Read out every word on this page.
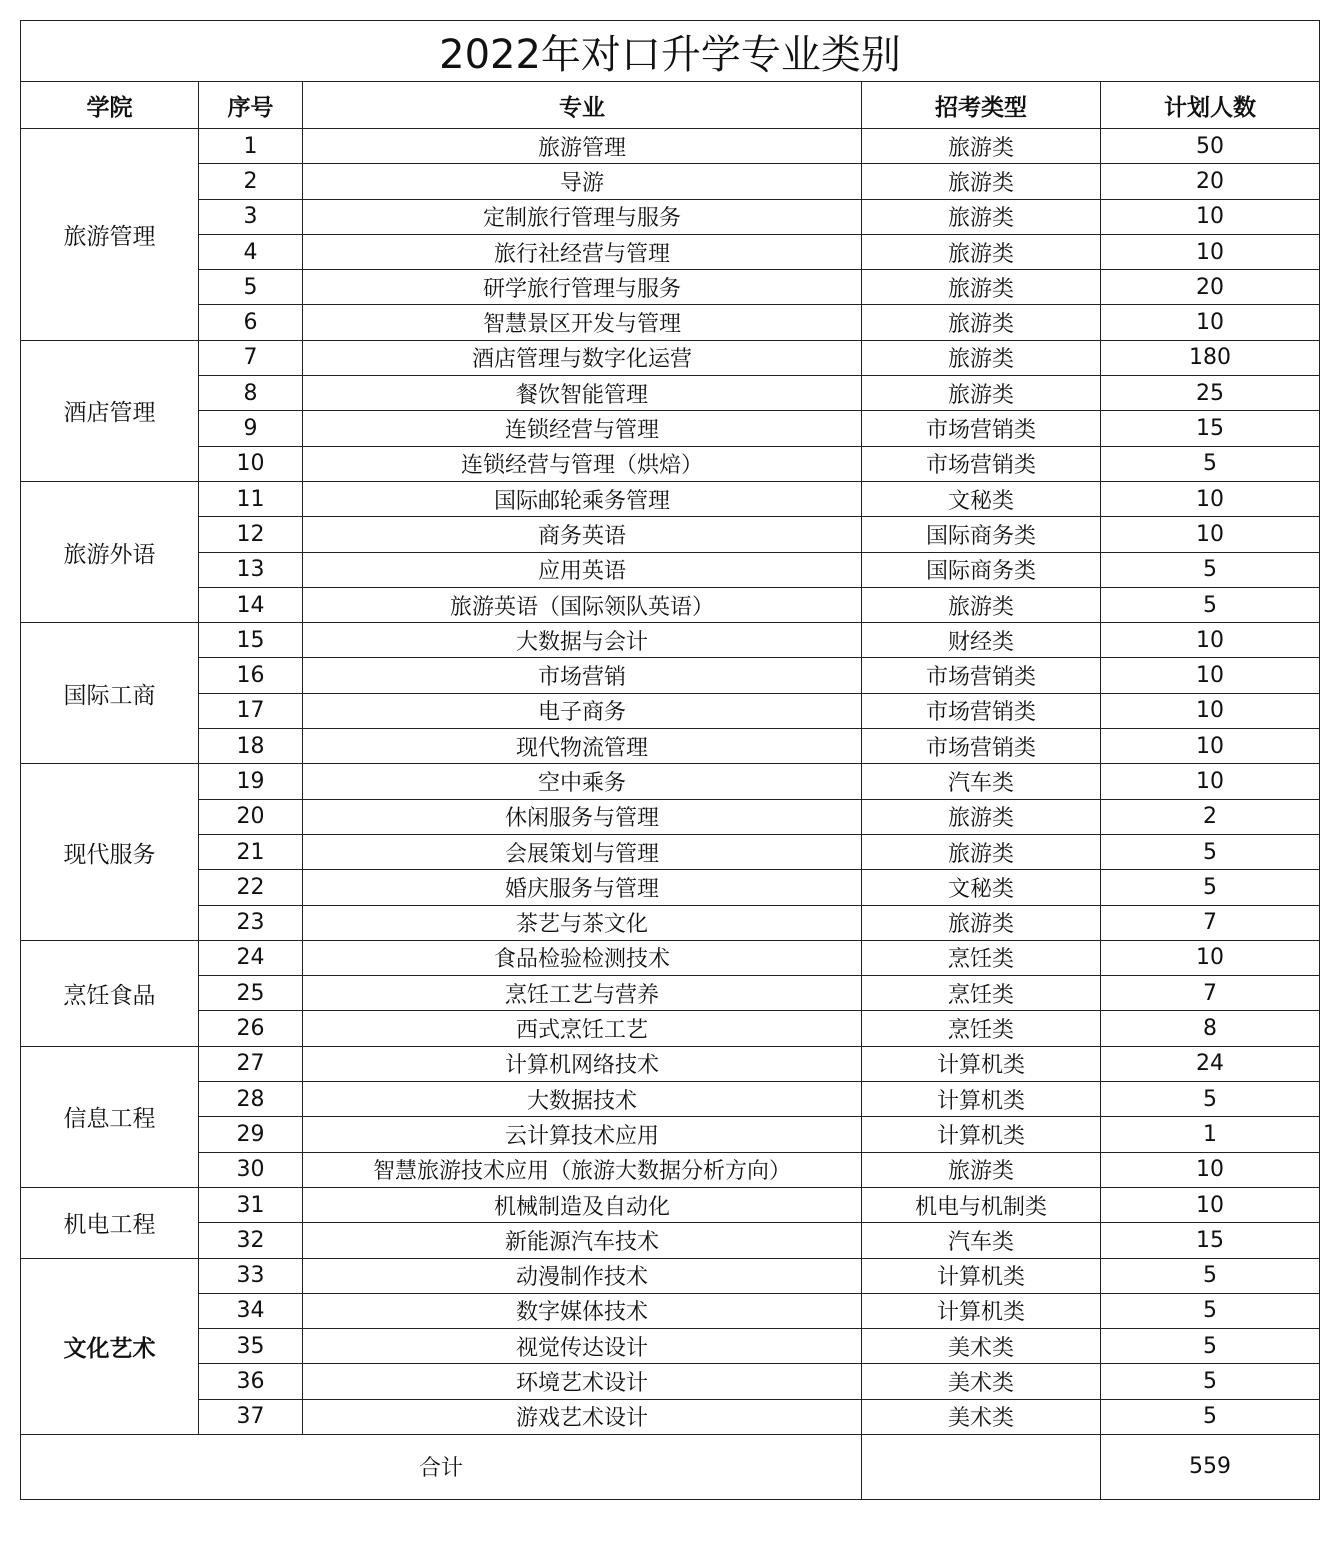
2022年对口升学专业类别				
学院	序号	专业	招考类型	计划人数
旅游管理	1	旅游管理	旅游类	50
	2	导游	旅游类	20
	3	定制旅行管理与服务	旅游类	10
	4	旅行社经营与管理	旅游类	10
	5	研学旅行管理与服务	旅游类	20
	6	智慧景区开发与管理	旅游类	10
酒店管理	7	酒店管理与数字化运营	旅游类	180
	8	餐饮智能管理	旅游类	25
	9	连锁经营与管理	市场营销类	15
	10	连锁经营与管理（烘焙）	市场营销类	5
旅游外语	11	国际邮轮乘务管理	文秘类	10
	12	商务英语	国际商务类	10
	13	应用英语	国际商务类	5
	14	旅游英语（国际领队英语）	旅游类	5
国际工商	15	大数据与会计	财经类	10
	16	市场营销	市场营销类	10
	17	电子商务	市场营销类	10
	18	现代物流管理	市场营销类	10
现代服务	19	空中乘务	汽车类	10
	20	休闲服务与管理	旅游类	2
	21	会展策划与管理	旅游类	5
	22	婚庆服务与管理	文秘类	5
	23	茶艺与茶文化	旅游类	7
烹饪食品	24	食品检验检测技术	烹饪类	10
	25	烹饪工艺与营养	烹饪类	7
	26	西式烹饪工艺	烹饪类	8
信息工程	27	计算机网络技术	计算机类	24
	28	大数据技术	计算机类	5
	29	云计算技术应用	计算机类	1
	30	智慧旅游技术应用（旅游大数据分析方向）	旅游类	10
机电工程	31	机械制造及自动化	机电与机制类	10
	32	新能源汽车技术	汽车类	15
文化艺术	33	动漫制作技术	计算机类	5
	34	数字媒体技术	计算机类	5
	35	视觉传达设计	美术类	5
	36	环境艺术设计	美术类	5
	37	游戏艺术设计	美术类	5
合计				559
